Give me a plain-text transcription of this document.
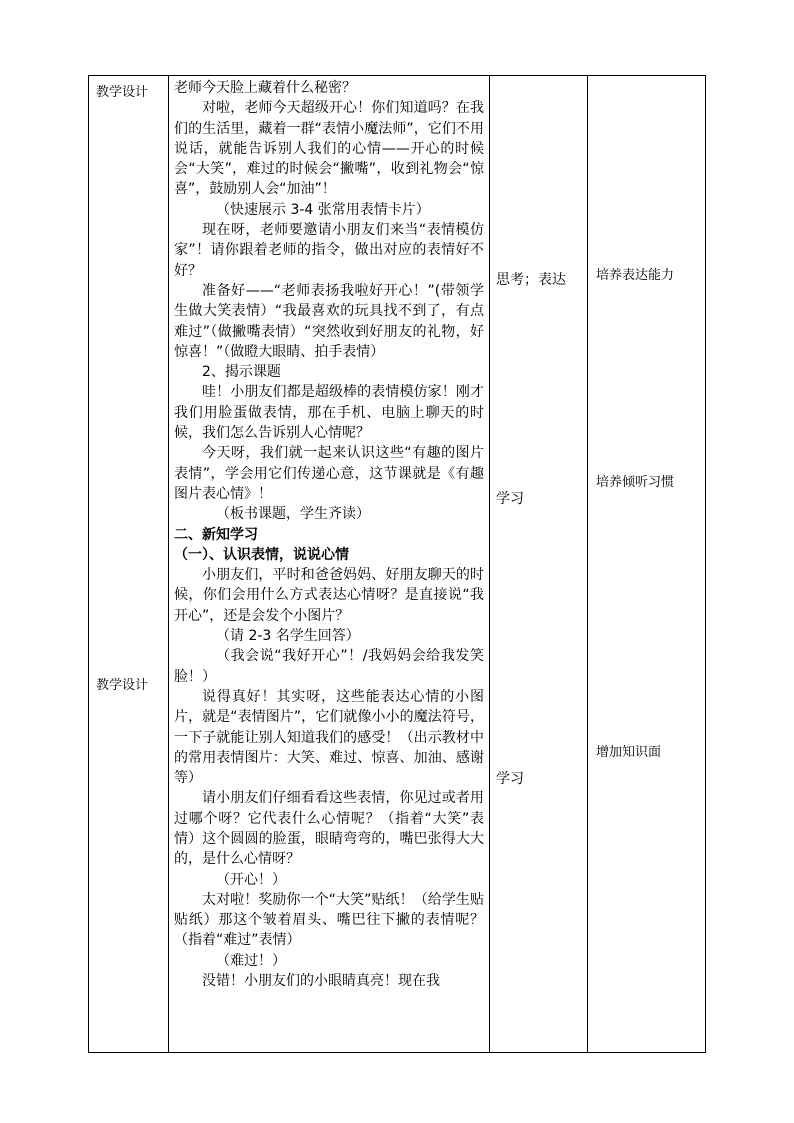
教学设计
教学设计
思考；表达
学习
学习
培养表达能力
培养倾听习惯
增加知识面

老师今天脸上藏着什么秘密？

对啦，老师今天超级开心！你们知道吗？在我们的生活里，藏着一群“表情小魔法师”，它们不用说话，就能告诉别人我们的心情——开心的时候会“大笑”，难过的时候会“撇嘴”，收到礼物会“惊喜”，鼓励别人会“加油”！

（快速展示 3-4 张常用表情卡片）

现在呀，老师要邀请小朋友们来当“表情模仿家”！请你跟着老师的指令，做出对应的表情好不好？

准备好——“老师表扬我啦好开心！”(带领学生做大笑表情）“我最喜欢的玩具找不到了，有点难过”（做撇嘴表情）“突然收到好朋友的礼物，好惊喜！”（做瞪大眼睛、拍手表情）

2、揭示课题

哇！小朋友们都是超级棒的表情模仿家！刚才我们用脸蛋做表情，那在手机、电脑上聊天的时候，我们怎么告诉别人心情呢？

今天呀，我们就一起来认识这些“有趣的图片表情”，学会用它们传递心意，这节课就是《有趣图片表心情》！

（板书课题，学生齐读）

二、新知学习

（一）、认识表情，说说心情

小朋友们，平时和爸爸妈妈、好朋友聊天的时候，你们会用什么方式表达心情呀？是直接说“我开心”，还是会发个小图片？

（请 2-3 名学生回答）

（我会说“我好开心”！/我妈妈会给我发笑脸！）

说得真好！其实呀，这些能表达心情的小图片，就是“表情图片”，它们就像小小的魔法符号，一下子就能让别人知道我们的感受！（出示教材中的常用表情图片：大笑、难过、惊喜、加油、感谢等）

请小朋友们仔细看看这些表情，你见过或者用过哪个呀？它代表什么心情呢？（指着“大笑”表情）这个圆圆的脸蛋，眼睛弯弯的，嘴巴张得大大的，是什么心情呀？

（开心！）

太对啦！奖励你一个“大笑”贴纸！（给学生贴贴纸）那这个皱着眉头、嘴巴往下撇的表情呢？（指着“难过”表情）

（难过！）

没错！小朋友们的小眼睛真亮！现在我
